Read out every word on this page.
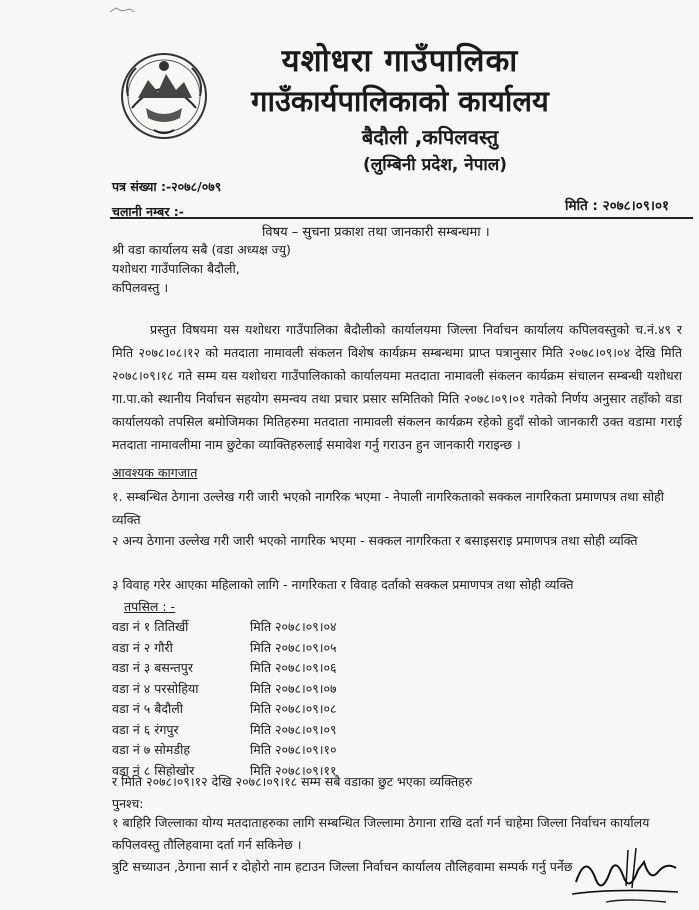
यशोधरा गाउँपालिका

गाउँकार्यपालिकाको कार्यालय

बैदौली ,कपिलवस्तु

(लुम्बिनी प्रदेश, नेपाल)

पत्र संख्या :-२०७८/०७९
चलानी नम्बर :-	मिति : २०७८।०९।०१
विषय – सुचना प्रकाश तथा जानकारी सम्बन्धमा ।
श्री वडा कार्यालय सबै (वडा अध्यक्ष ज्यु)
यशोधरा गाउँपालिका बैदौली,
कपिलवस्तु ।
प्रस्तुत विषयमा यस यशोधरा गाउँपालिका बैदौलीको कार्यालयमा जिल्ला निर्वाचन कार्यालय कपिलवस्तुको च.नं.४९ र मिति २०७८।०८।१२ को मतदाता नामावली संकलन विशेष कार्यक्रम सम्बन्धमा प्राप्त पत्रानुसार मिति २०७८।०९।०४ देखि मिति २०७८।०९।१८ गते सम्म यस यशोधरा गाउँपालिकाको कार्यालयमा मतदाता नामावली संकलन कार्यक्रम संचालन सम्बन्धी यशोधरा गा.पा.को स्थानीय निर्वाचन सहयोग समन्वय तथा प्रचार प्रसार समितिको मिति २०७८।०९।०१ गतेको निर्णय अनुसार तहाँको वडा कार्यालयको तपसिल बमोजिमका मितिहरुमा मतदाता नामावली संकलन कार्यक्रम रहेको हुदाँ सोको जानकारी उक्त वडामा गराई मतदाता नामावलीमा नाम छुटेका व्याक्तिहरुलाई समावेश गर्नु गराउन हुन जानकारी गराइन्छ ।
आवश्यक कागजात
१. सम्बन्धित ठेगाना उल्लेख गरी जारी भएको नागरिक भएमा - नेपाली नागरिकताको सक्कल नागरिकता प्रमाणपत्र तथा सोही व्यक्ति
२ अन्य ठेगाना उल्लेख गरी जारी भएको नागरिक भएमा - सक्कल नागरिकता र बसाइसराइ प्रमाणपत्र तथा सोही व्यक्ति
३ विवाह गरेर आएका महिलाको लागि - नागरिकता र विवाह दर्ताको सक्कल प्रमाणपत्र तथा सोही व्यक्ति
तपसिल : -
वडा नं १ तितिर्खी	मिति २०७८।०९।०४
वडा नं २ गौरी	मिति २०७८।०९।०५
वडा नं ३ बसन्तपुर	मिति २०७८।०९।०६
वडा नं ४ परसोहिया	मिति २०७८।०९।०७
वडा नं ५ बैदौली	मिति २०७८।०९।०८
वडा नं ६ रंगपुर	मिति २०७८।०९।०९
वडा नं ७ सोमडीह	मिति २०७८।०९।१०
वडा नं ८ सिहोखोर	मिति २०७८।०९।११
र मिति २०७८।०९।१२ देखि २०७८।०९।१८ सम्म सबै वडाका छुट भएका व्यक्तिहरु
पुनश्च:
१ बाहिरि जिल्लाका योग्य मतदाताहरुका लागि सम्बन्धित जिल्लामा ठेगाना राखि दर्ता गर्न चाहेमा जिल्ला निर्वाचन कार्यालय कपिलवस्तु तौलिहवामा दर्ता गर्न सकिनेछ ।
त्रुटि सच्याउन ,ठेगाना सार्न र दोहोरो नाम हटाउन जिल्ला निर्वाचन कार्यालय तौलिहवामा सम्पर्क गर्नु पर्नेछ
